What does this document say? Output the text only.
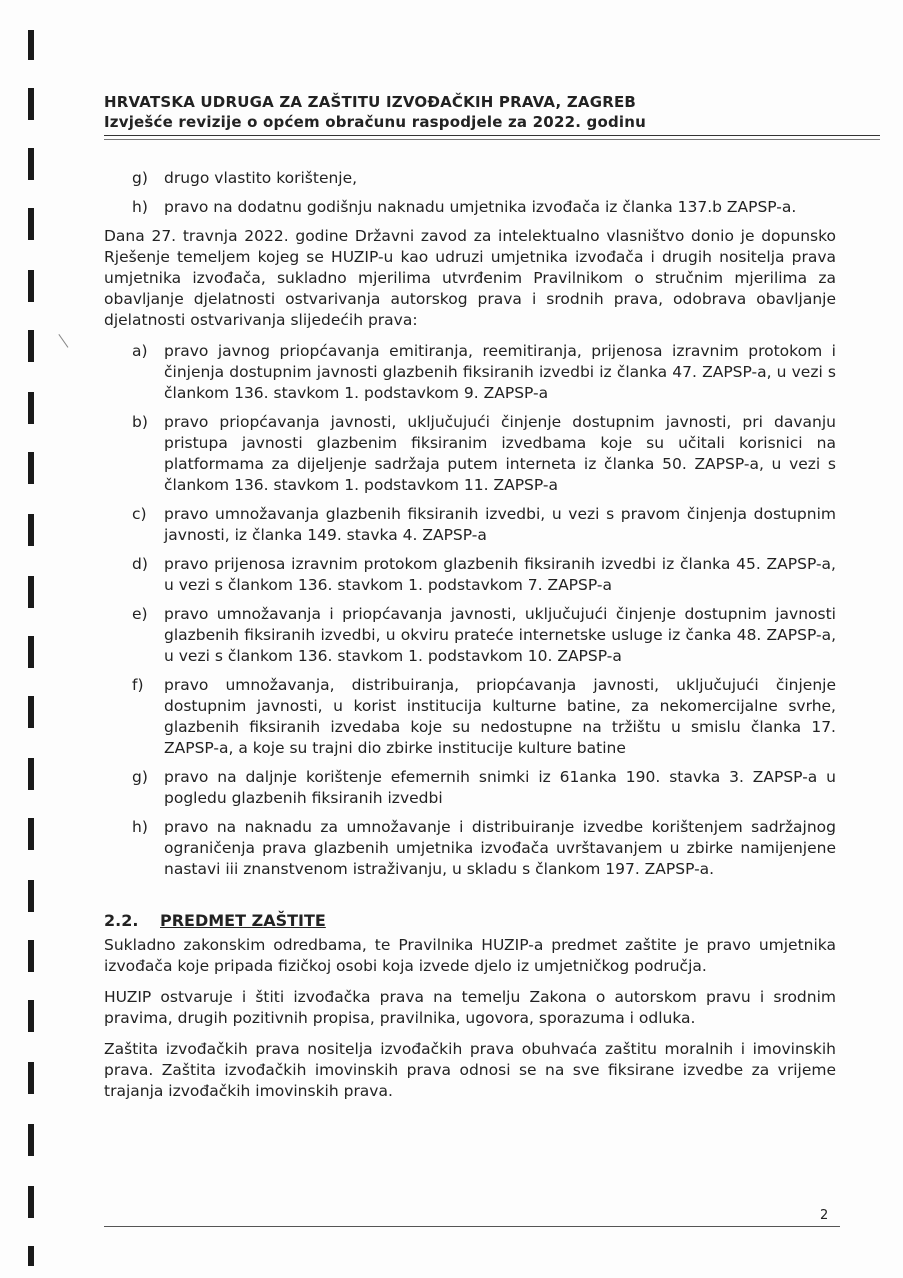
HRVATSKA UDRUGA ZA ZAŠTITU IZVOĐAČKIH PRAVA, ZAGREB
Izvješće revizije o općem obračunu raspodjele za 2022. godinu
g)	drugo vlastito korištenje,
h)	pravo na dodatnu godišnju naknadu umjetnika izvođača iz članka 137.b ZAPSP-a.

Dana 27. travnja 2022. godine Državni zavod za intelektualno vlasništvo donio je dopunsko Rješenje temeljem kojeg se HUZIP-u kao udruzi umjetnika izvođača i drugih nositelja prava umjetnika izvođača, sukladno mjerilima utvrđenim Pravilnikom o stručnim mjerilima za obavljanje djelatnosti ostvarivanja autorskog prava i srodnih prava, odobrava obavljanje djelatnosti ostvarivanja slijedećih prava:

a)	pravo javnog priopćavanja emitiranja, reemitiranja, prijenosa izravnim protokom i činjenja dostupnim javnosti glazbenih fiksiranih izvedbi iz članka 47. ZAPSP-a, u vezi s člankom 136. stavkom 1. podstavkom 9. ZAPSP-a
b)	pravo priopćavanja javnosti, uključujući činjenje dostupnim javnosti, pri davanju pristupa javnosti glazbenim fiksiranim izvedbama koje su učitali korisnici na platformama za dijeljenje sadržaja putem interneta iz članka 50. ZAPSP-a, u vezi s člankom 136. stavkom 1. podstavkom 11. ZAPSP-a
c)	pravo umnožavanja glazbenih fiksiranih izvedbi, u vezi s pravom činjenja dostupnim javnosti, iz članka 149. stavka 4. ZAPSP-a
d)	pravo prijenosa izravnim protokom glazbenih fiksiranih izvedbi iz članka 45. ZAPSP-a, u vezi s člankom 136. stavkom 1. podstavkom 7. ZAPSP-a
e)	pravo umnožavanja i priopćavanja javnosti, uključujući činjenje dostupnim javnosti glazbenih fiksiranih izvedbi, u okviru prateće internetske usluge iz čanka 48. ZAPSP-a, u vezi s člankom 136. stavkom 1. podstavkom 10. ZAPSP-a
f)	pravo umnožavanja, distribuiranja, priopćavanja javnosti, uključujući činjenje dostupnim javnosti, u korist institucija kulturne batine, za nekomercijalne svrhe, glazbenih fiksiranih izvedaba koje su nedostupne na tržištu u smislu članka 17. ZAPSP-a, a koje su trajni dio zbirke institucije kulture batine
g)	pravo na daljnje korištenje efemernih snimki iz 61anka 190. stavka 3. ZAPSP-a u pogledu glazbenih fiksiranih izvedbi
h)	pravo na naknadu za umnožavanje i distribuiranje izvedbe korištenjem sadržajnog ograničenja prava glazbenih umjetnika izvođača uvrštavanjem u zbirke namijenjene nastavi iii znanstvenom istraživanju, u skladu s člankom 197. ZAPSP-a.
2.2.	PREDMET ZAŠTITE

Sukladno zakonskim odredbama, te Pravilnika HUZIP-a predmet zaštite je pravo umjetnika izvođača koje pripada fizičkoj osobi koja izvede djelo iz umjetničkog područja.

HUZIP ostvaruje i štiti izvođačka prava na temelju Zakona o autorskom pravu i srodnim pravima, drugih pozitivnih propisa, pravilnika, ugovora, sporazuma i odluka.

Zaštita izvođačkih prava nositelja izvođačkih prava obuhvaća zaštitu moralnih i imovinskih prava. Zaštita izvođačkih imovinskih prava odnosi se na sve fiksirane izvedbe za vrijeme trajanja izvođačkih imovinskih prava.

2
